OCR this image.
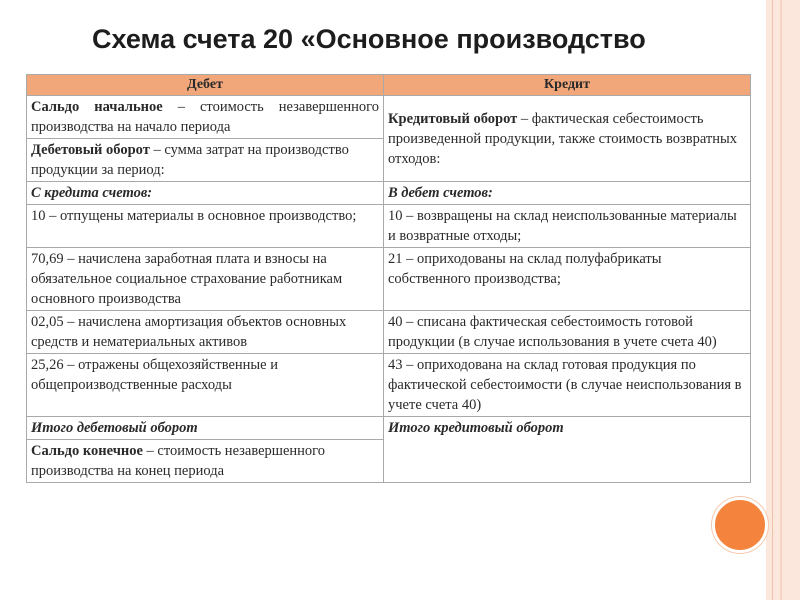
Схема счета 20 «Основное производство
Дебет	Кредит
Сальдо начальное – стоимость незавершенного производства на начало периода	Кредитовый оборот – фактическая себестоимость произведенной продукции, также стоимость возвратных отходов:
Дебетовый оборот – сумма затрат на производство продукции за период:	
С кредита счетов:	В дебет счетов:
10 – отпущены материалы в основное производство;	10 – возвращены на склад неиспользованные материалы и возвратные отходы;
70,69 – начислена заработная плата и взносы на обязательное социальное страхование работникам основного производства	21 – оприходованы на склад полуфабрикаты собственного производства;
02,05 – начислена амортизация объектов основных средств и нематериальных активов	40 – списана фактическая себестоимость готовой продукции (в случае использования в учете счета 40)
25,26 – отражены общехозяйственные и общепроизводственные расходы	43 – оприходована на склад готовая продукция по фактической себестоимости (в случае неиспользования в учете счета 40)
Итого дебетовый оборот	Итого кредитовый оборот
Сальдо конечное – стоимость незавершенного производства на конец периода	
